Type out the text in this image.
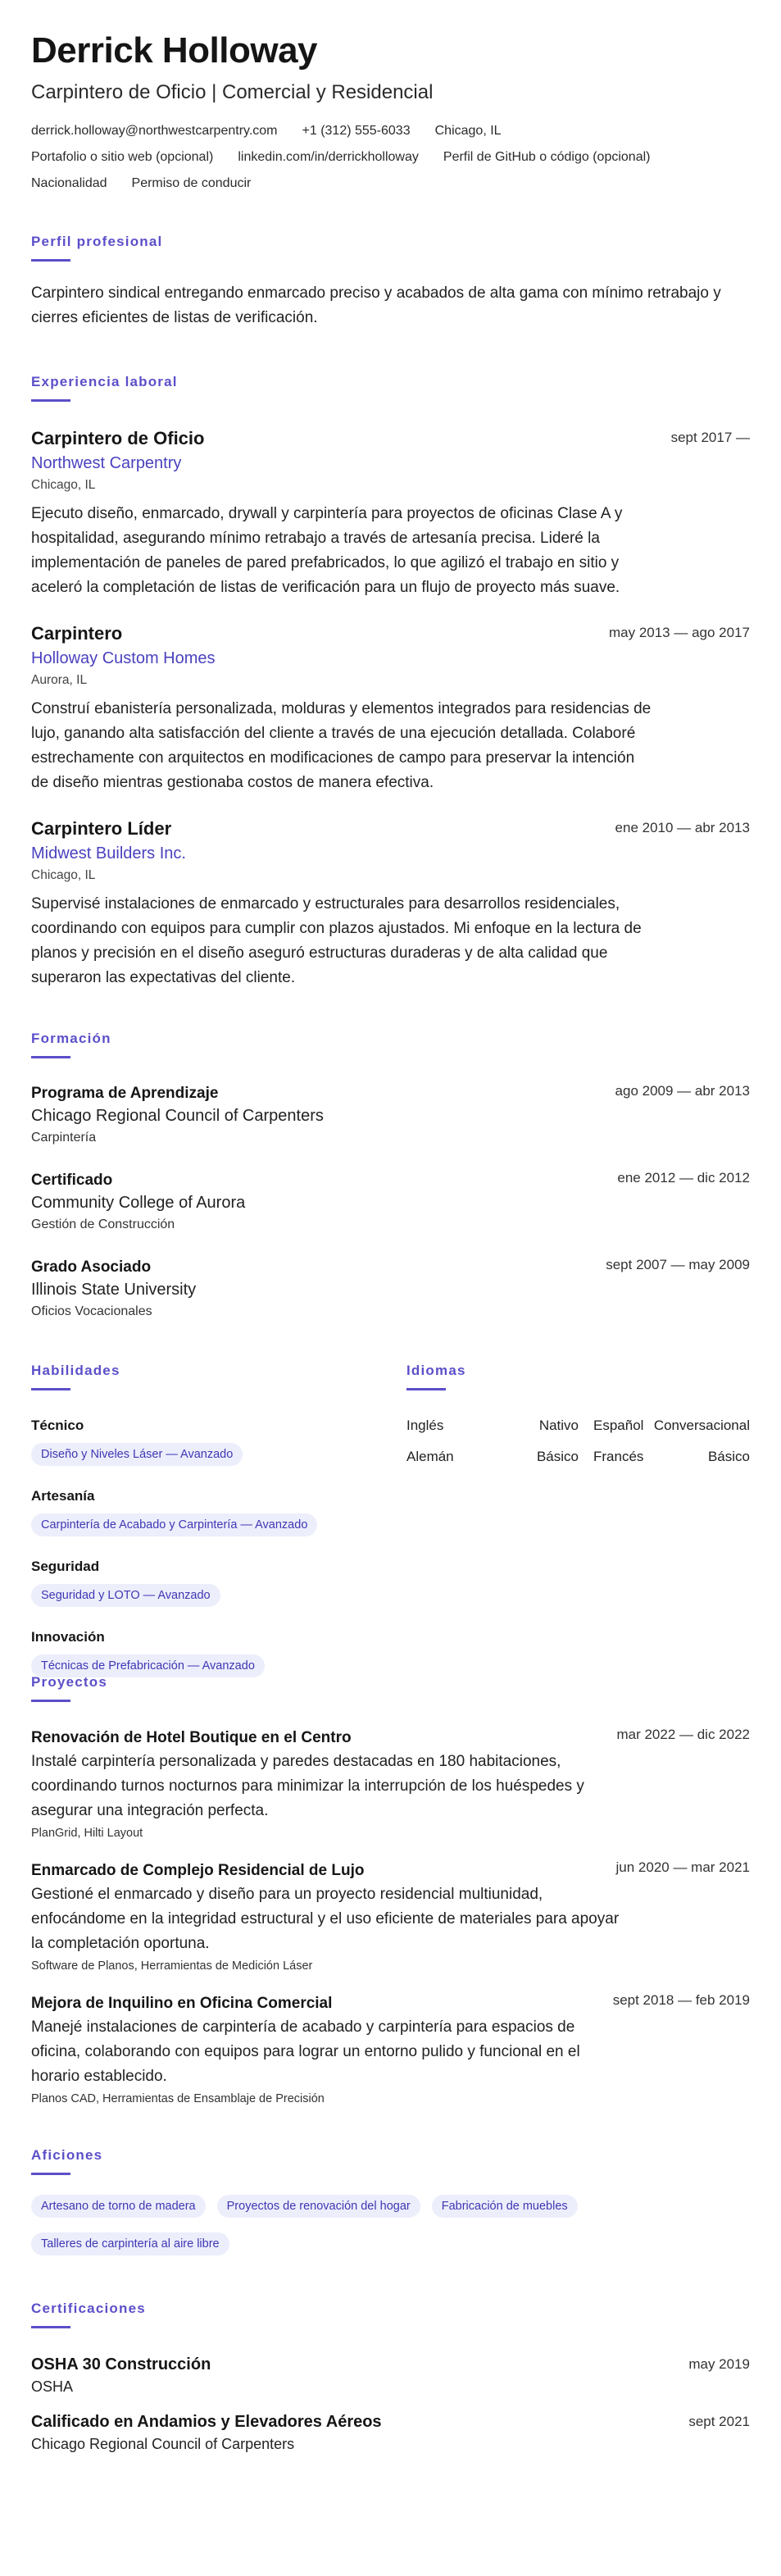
Derrick Holloway
Carpintero de Oficio | Comercial y Residencial
derrick.holloway@northwestcarpentry.com +1 (312) 555-6033 Chicago, IL
Portafolio o sitio web (opcional) linkedin.com/in/derrickholloway Perfil de GitHub o código (opcional)
Nacionalidad Permiso de conducir
Perfil profesional
Carpintero sindical entregando enmarcado preciso y acabados de alta gama con mínimo retrabajo y cierres eficientes de listas de verificación.
Experiencia laboral
Carpintero de Oficio
Northwest Carpentry
Chicago, IL
sept 2017 —
Ejecuto diseño, enmarcado, drywall y carpintería para proyectos de oficinas Clase A y hospitalidad, asegurando mínimo retrabajo a través de artesanía precisa. Lideré la implementación de paneles de pared prefabricados, lo que agilizó el trabajo en sitio y aceleró la completación de listas de verificación para un flujo de proyecto más suave.
Carpintero
Holloway Custom Homes
Aurora, IL
may 2013 — ago 2017
Construí ebanistería personalizada, molduras y elementos integrados para residencias de lujo, ganando alta satisfacción del cliente a través de una ejecución detallada. Colaboré estrechamente con arquitectos en modificaciones de campo para preservar la intención de diseño mientras gestionaba costos de manera efectiva.
Carpintero Líder
Midwest Builders Inc.
Chicago, IL
ene 2010 — abr 2013
Supervisé instalaciones de enmarcado y estructurales para desarrollos residenciales, coordinando con equipos para cumplir con plazos ajustados. Mi enfoque en la lectura de planos y precisión en el diseño aseguró estructuras duraderas y de alta calidad que superaron las expectativas del cliente.
Formación
Programa de Aprendizaje
Chicago Regional Council of Carpenters
Carpintería
ago 2009 — abr 2013
Certificado
Community College of Aurora
Gestión de Construcción
ene 2012 — dic 2012
Grado Asociado
Illinois State University
Oficios Vocacionales
sept 2007 — may 2009
Habilidades
Técnico
Diseño y Niveles Láser — Avanzado
Artesanía
Carpintería de Acabado y Carpintería — Avanzado
Seguridad
Seguridad y LOTO — Avanzado
Innovación
Técnicas de Prefabricación — Avanzado
Idiomas
Inglés	Nativo	Español Conversacional
Alemán	Básico	Francés	Básico
Proyectos
Renovación de Hotel Boutique en el Centro
Instalé carpintería personalizada y paredes destacadas en 180 habitaciones, coordinando turnos nocturnos para minimizar la interrupción de los huéspedes y asegurar una integración perfecta.
PlanGrid, Hilti Layout
mar 2022 — dic 2022
Enmarcado de Complejo Residencial de Lujo
Gestioné el enmarcado y diseño para un proyecto residencial multiunidad, enfocándome en la integridad estructural y el uso eficiente de materiales para apoyar la completación oportuna.
Software de Planos, Herramientas de Medición Láser
jun 2020 — mar 2021
Mejora de Inquilino en Oficina Comercial
Manejé instalaciones de carpintería de acabado y carpintería para espacios de oficina, colaborando con equipos para lograr un entorno pulido y funcional en el horario establecido.
Planos CAD, Herramientas de Ensamblaje de Precisión
sept 2018 — feb 2019
Aficiones
Artesano de torno de madera	Proyectos de renovación del hogar	Fabricación de muebles
Talleres de carpintería al aire libre
Certificaciones
OSHA 30 Construcción
OSHA
may 2019
Calificado en Andamios y Elevadores Aéreos
Chicago Regional Council of Carpenters
sept 2021
